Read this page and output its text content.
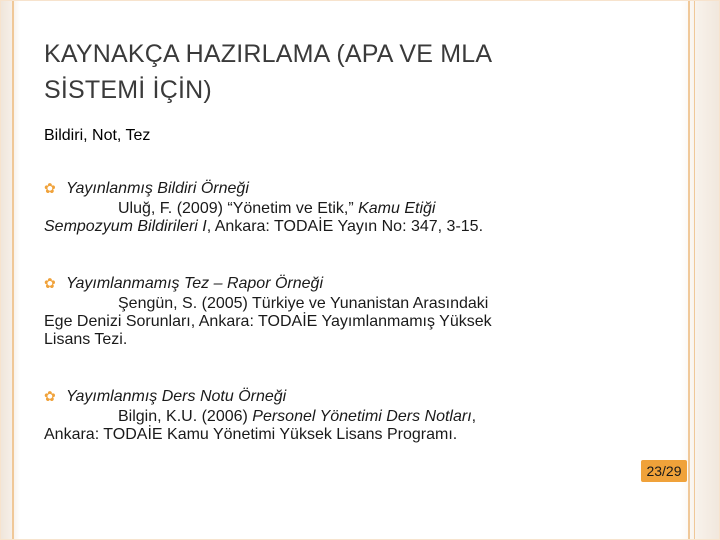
KAYNAKÇA HAZIRLAMA (APA VE MLA
SİSTEMİ İÇİN)
Bildiri, Not, Tez
✿ Yayınlanmış Bildiri Örneği
Uluğ, F. (2009) “Yönetim ve Etik,” Kamu Etiği
Sempozyum Bildirileri I, Ankara: TODAİE Yayın No: 347, 3-15.
✿ Yayımlanmamış Tez – Rapor Örneği
Şengün, S. (2005) Türkiye ve Yunanistan Arasındaki
Ege Denizi Sorunları, Ankara: TODAİE Yayımlanmamış Yüksek
Lisans Tezi.
✿ Yayımlanmış Ders Notu Örneği
Bilgin, K.U. (2006) Personel Yönetimi Ders Notları,
Ankara: TODAİE Kamu Yönetimi Yüksek Lisans Programı.
23/29
